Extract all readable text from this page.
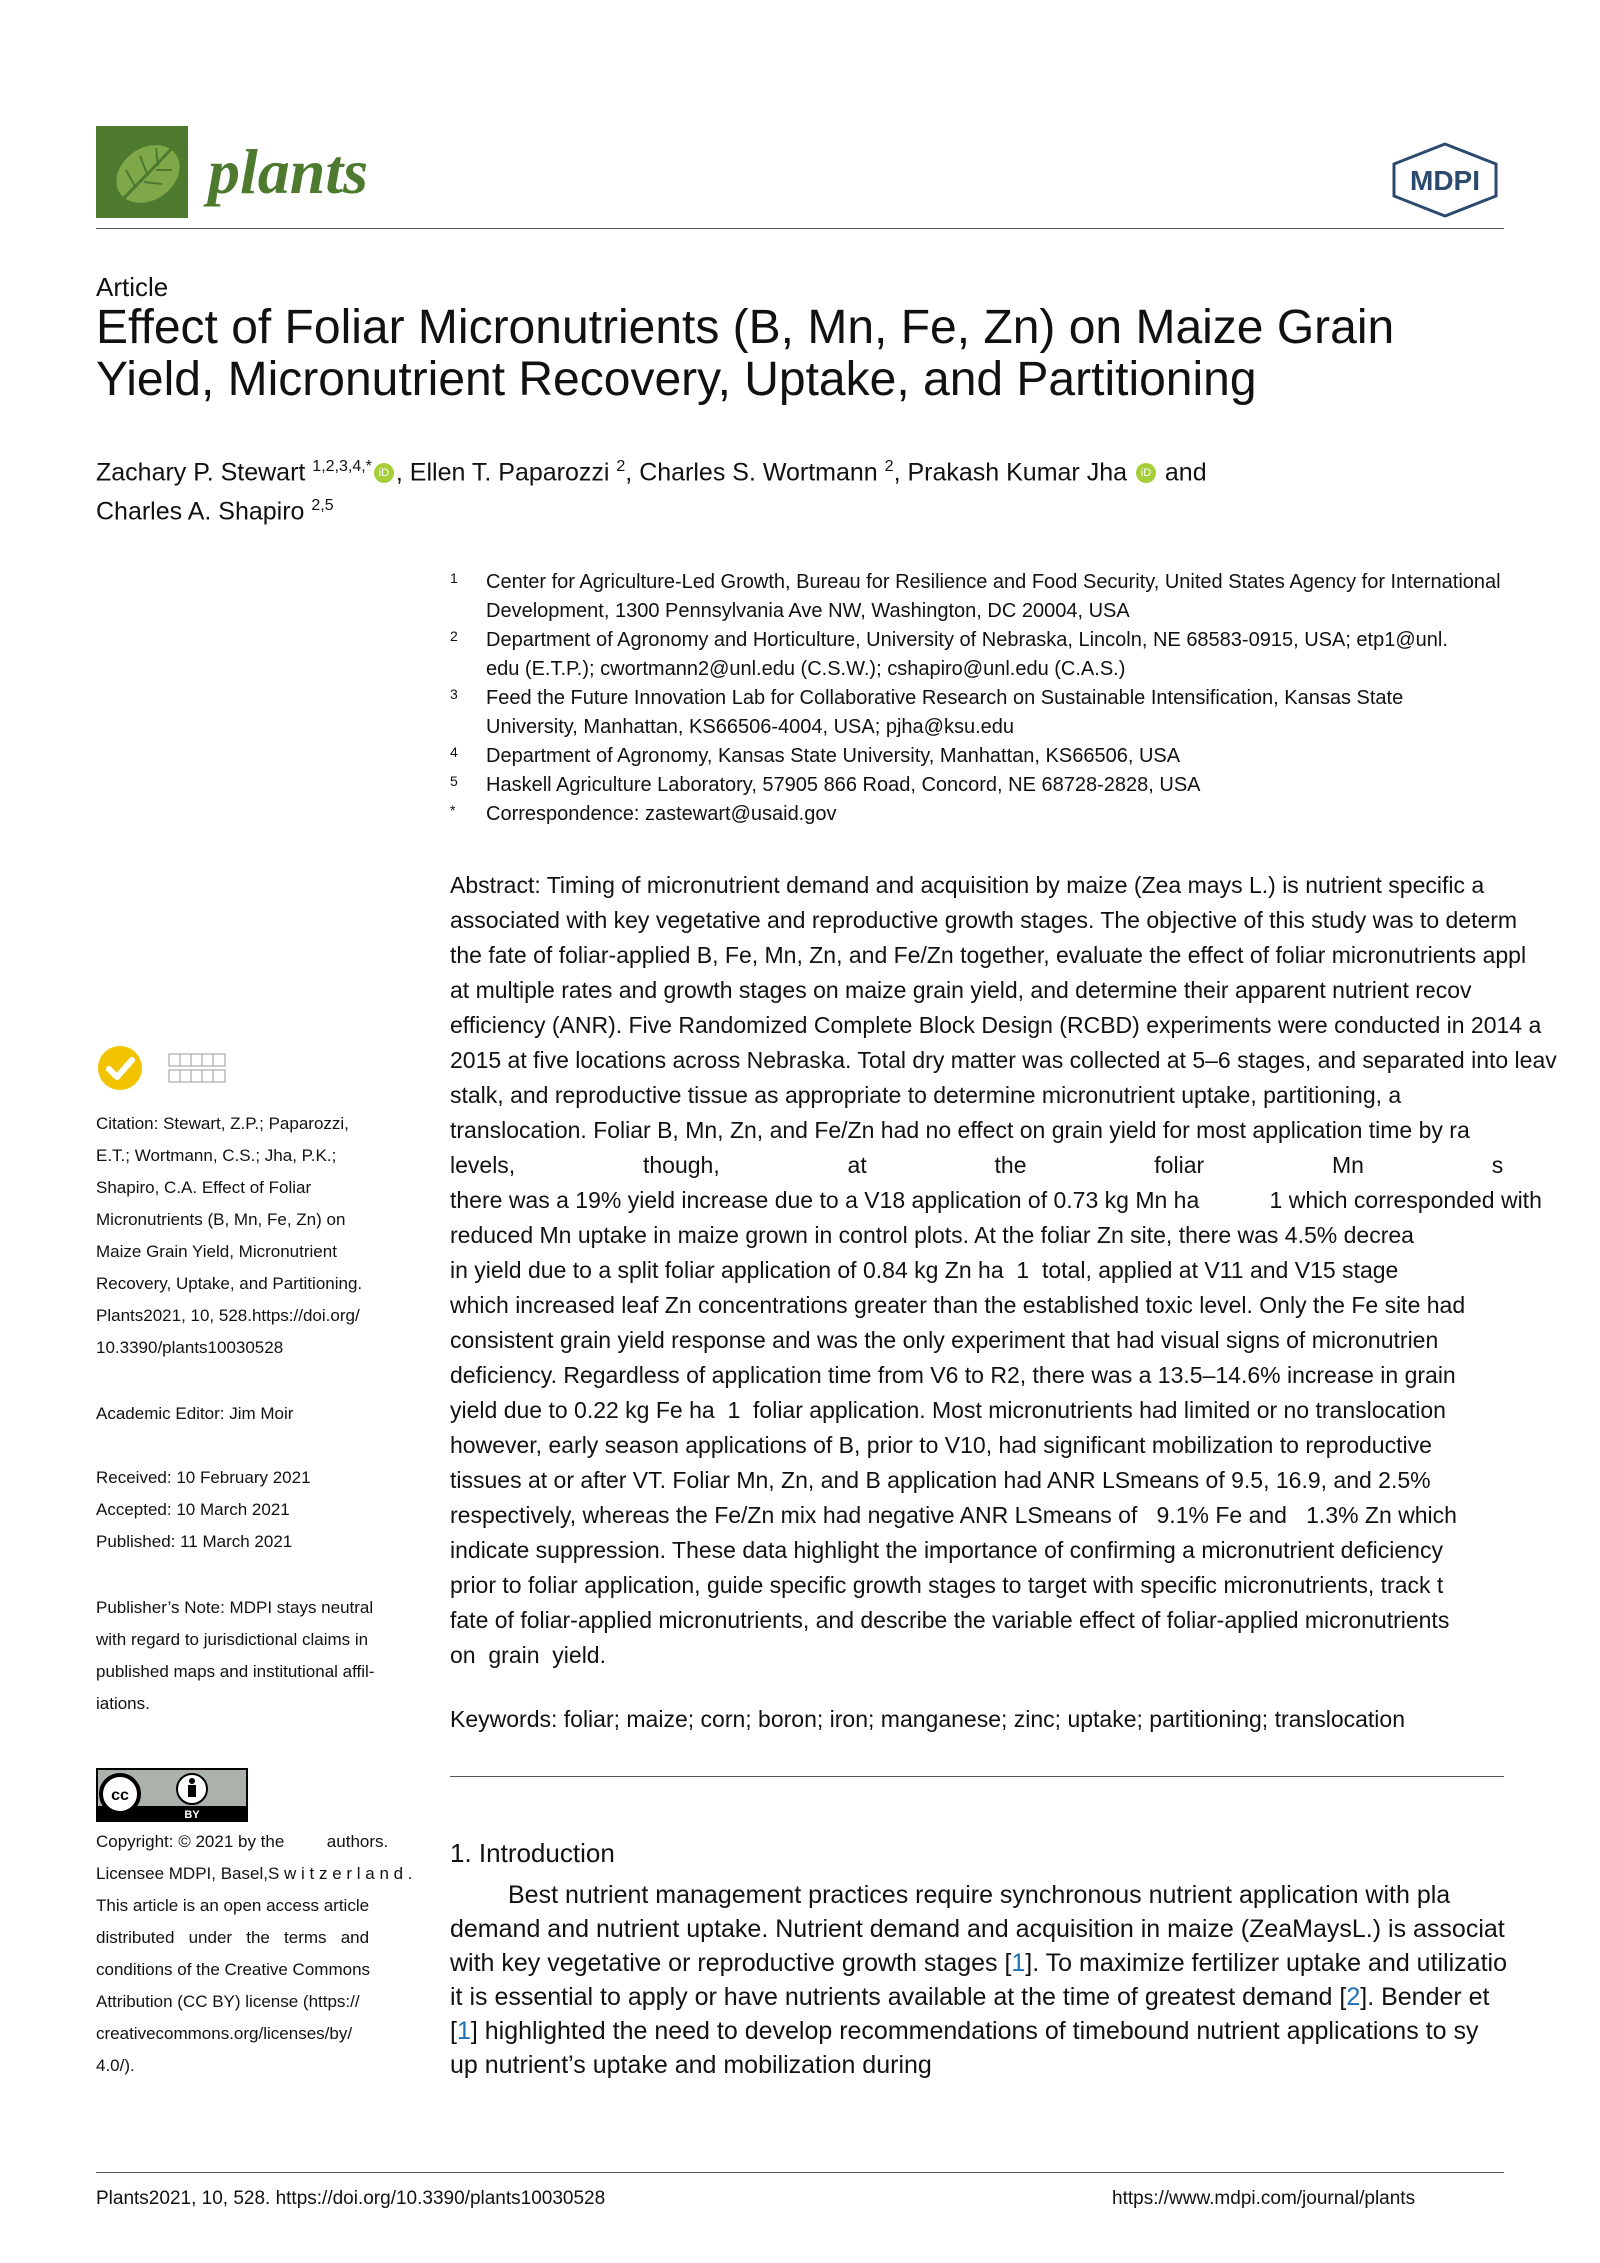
plants	MDPI
Article
Effect of Foliar Micronutrients (B, Mn, Fe, Zn) on Maize Grain
Yield, Micronutrient Recovery, Uptake, and Partitioning
Zachary P. Stewart $^{1,2,3,4,*}$ iD , Ellen T. Paparozzi $^2$, Charles S. Wortmann $^2$, Prakash Kumar Jha iD and
Charles A. Shapiro $^{2,5}$
1 Center for Agriculture-Led Growth, Bureau for Resilience and Food Security, United States Agency for International
Development, 1300 Pennsylvania Ave NW, Washington, DC 20004, USA
2 Department of Agronomy and Horticulture, University of Nebraska, Lincoln, NE 68583-0915, USA; etp1@unl.
edu (E.T.P.); cwortmann2@unl.edu (C.S.W.); cshapiro@unl.edu (C.A.S.)
3 Feed the Future Innovation Lab for Collaborative Research on Sustainable Intensification, Kansas State
University, Manhattan, KS66506-4004, USA; pjha@ksu.edu
4 Department of Agronomy, Kansas State University, Manhattan, KS66506, USA
5 Haskell Agriculture Laboratory, 57905 866 Road, Concord, NE 68728-2828, USA
* Correspondence: zastewart@usaid.gov
Abstract: Timing of micronutrient demand and acquisition by maize (Zea mays L.) is nutrient specific a
associated with key vegetative and reproductive growth stages. The objective of this study was to determ
the fate of foliar-applied B, Fe, Mn, Zn, and Fe/Zn together, evaluate the effect of foliar micronutrients appl
at multiple rates and growth stages on maize grain yield, and determine their apparent nutrient recov
efficiency (ANR). Five Randomized Complete Block Design (RCBD) experiments were conducted in 2014 a
2015 at five locations across Nebraska. Total dry matter was collected at 5–6 stages, and separated into leav
stalk, and reproductive tissue as appropriate to determine micronutrient uptake, partitioning, a
translocation. Foliar B, Mn, Zn, and Fe/Zn had no effect on grain yield for most application time by ra
levels,                    though,                    at                    the                    foliar                    Mn                    s
there was a 19% yield increase due to a V18 application of 0.73 kg Mn ha           1 which corresponded with
reduced Mn uptake in maize grown in control plots. At the foliar Zn site, there was 4.5% decrea
in yield due to a split foliar application of 0.84 kg Zn ha  1  total, applied at V11 and V15 stage
which increased leaf Zn concentrations greater than the established toxic level. Only the Fe site had
consistent grain yield response and was the only experiment that had visual signs of micronutrien
deficiency. Regardless of application time from V6 to R2, there was a 13.5–14.6% increase in grain
yield due to 0.22 kg Fe ha  1  foliar application. Most micronutrients had limited or no translocation
however, early season applications of B, prior to V10, had significant mobilization to reproductive
tissues at or after VT. Foliar Mn, Zn, and B application had ANR LSmeans of 9.5, 16.9, and 2.5%
respectively, whereas the Fe/Zn mix had negative ANR LSmeans of   9.1% Fe and   1.3% Zn which
indicate suppression. These data highlight the importance of confirming a micronutrient deficiency
prior to foliar application, guide specific growth stages to target with specific micronutrients, track t
fate of foliar-applied micronutrients, and describe the variable effect of foliar-applied micronutrients
on  grain  yield.
Keywords: foliar; maize; corn; boron; iron; manganese; zinc; uptake; partitioning; translocation
Citation: Stewart, Z.P.; Paparozzi,
E.T.; Wortmann, C.S.; Jha, P.K.;
Shapiro, C.A. Effect of Foliar
Micronutrients (B, Mn, Fe, Zn) on
Maize Grain Yield, Micronutrient
Recovery, Uptake, and Partitioning.
Plants2021, 10, 528.https://doi.org/
10.3390/plants10030528
Academic Editor: Jim Moir
Received: 10 February 2021
Accepted: 10 March 2021
Published: 11 March 2021
Publisher’s Note: MDPI stays neutral
with regard to jurisdictional claims in
published maps and institutional affil-
iations.
cc
BY
Copyright: © 2021 by the         authors.
Licensee MDPI, Basel,S w i t z e r l a n d .
This article is an open access article
distributed   under   the   terms   and
conditions of the Creative Commons
Attribution (CC BY) license (https://
creativecommons.org/licenses/by/
4.0/).
1. Introduction
Best nutrient management practices require synchronous nutrient application with pla
demand and nutrient uptake. Nutrient demand and acquisition in maize (ZeaMaysL.) is associat
with key vegetative or reproductive growth stages [1]. To maximize fertilizer uptake and utilizatio
it is essential to apply or have nutrients available at the time of greatest demand [2]. Bender et
[1] highlighted the need to develop recommendations of timebound nutrient applications to sy
up nutrient’s uptake and mobilization during
Plants2021, 10, 528. https://doi.org/10.3390/plants10030528	https://www.mdpi.com/journal/plants
